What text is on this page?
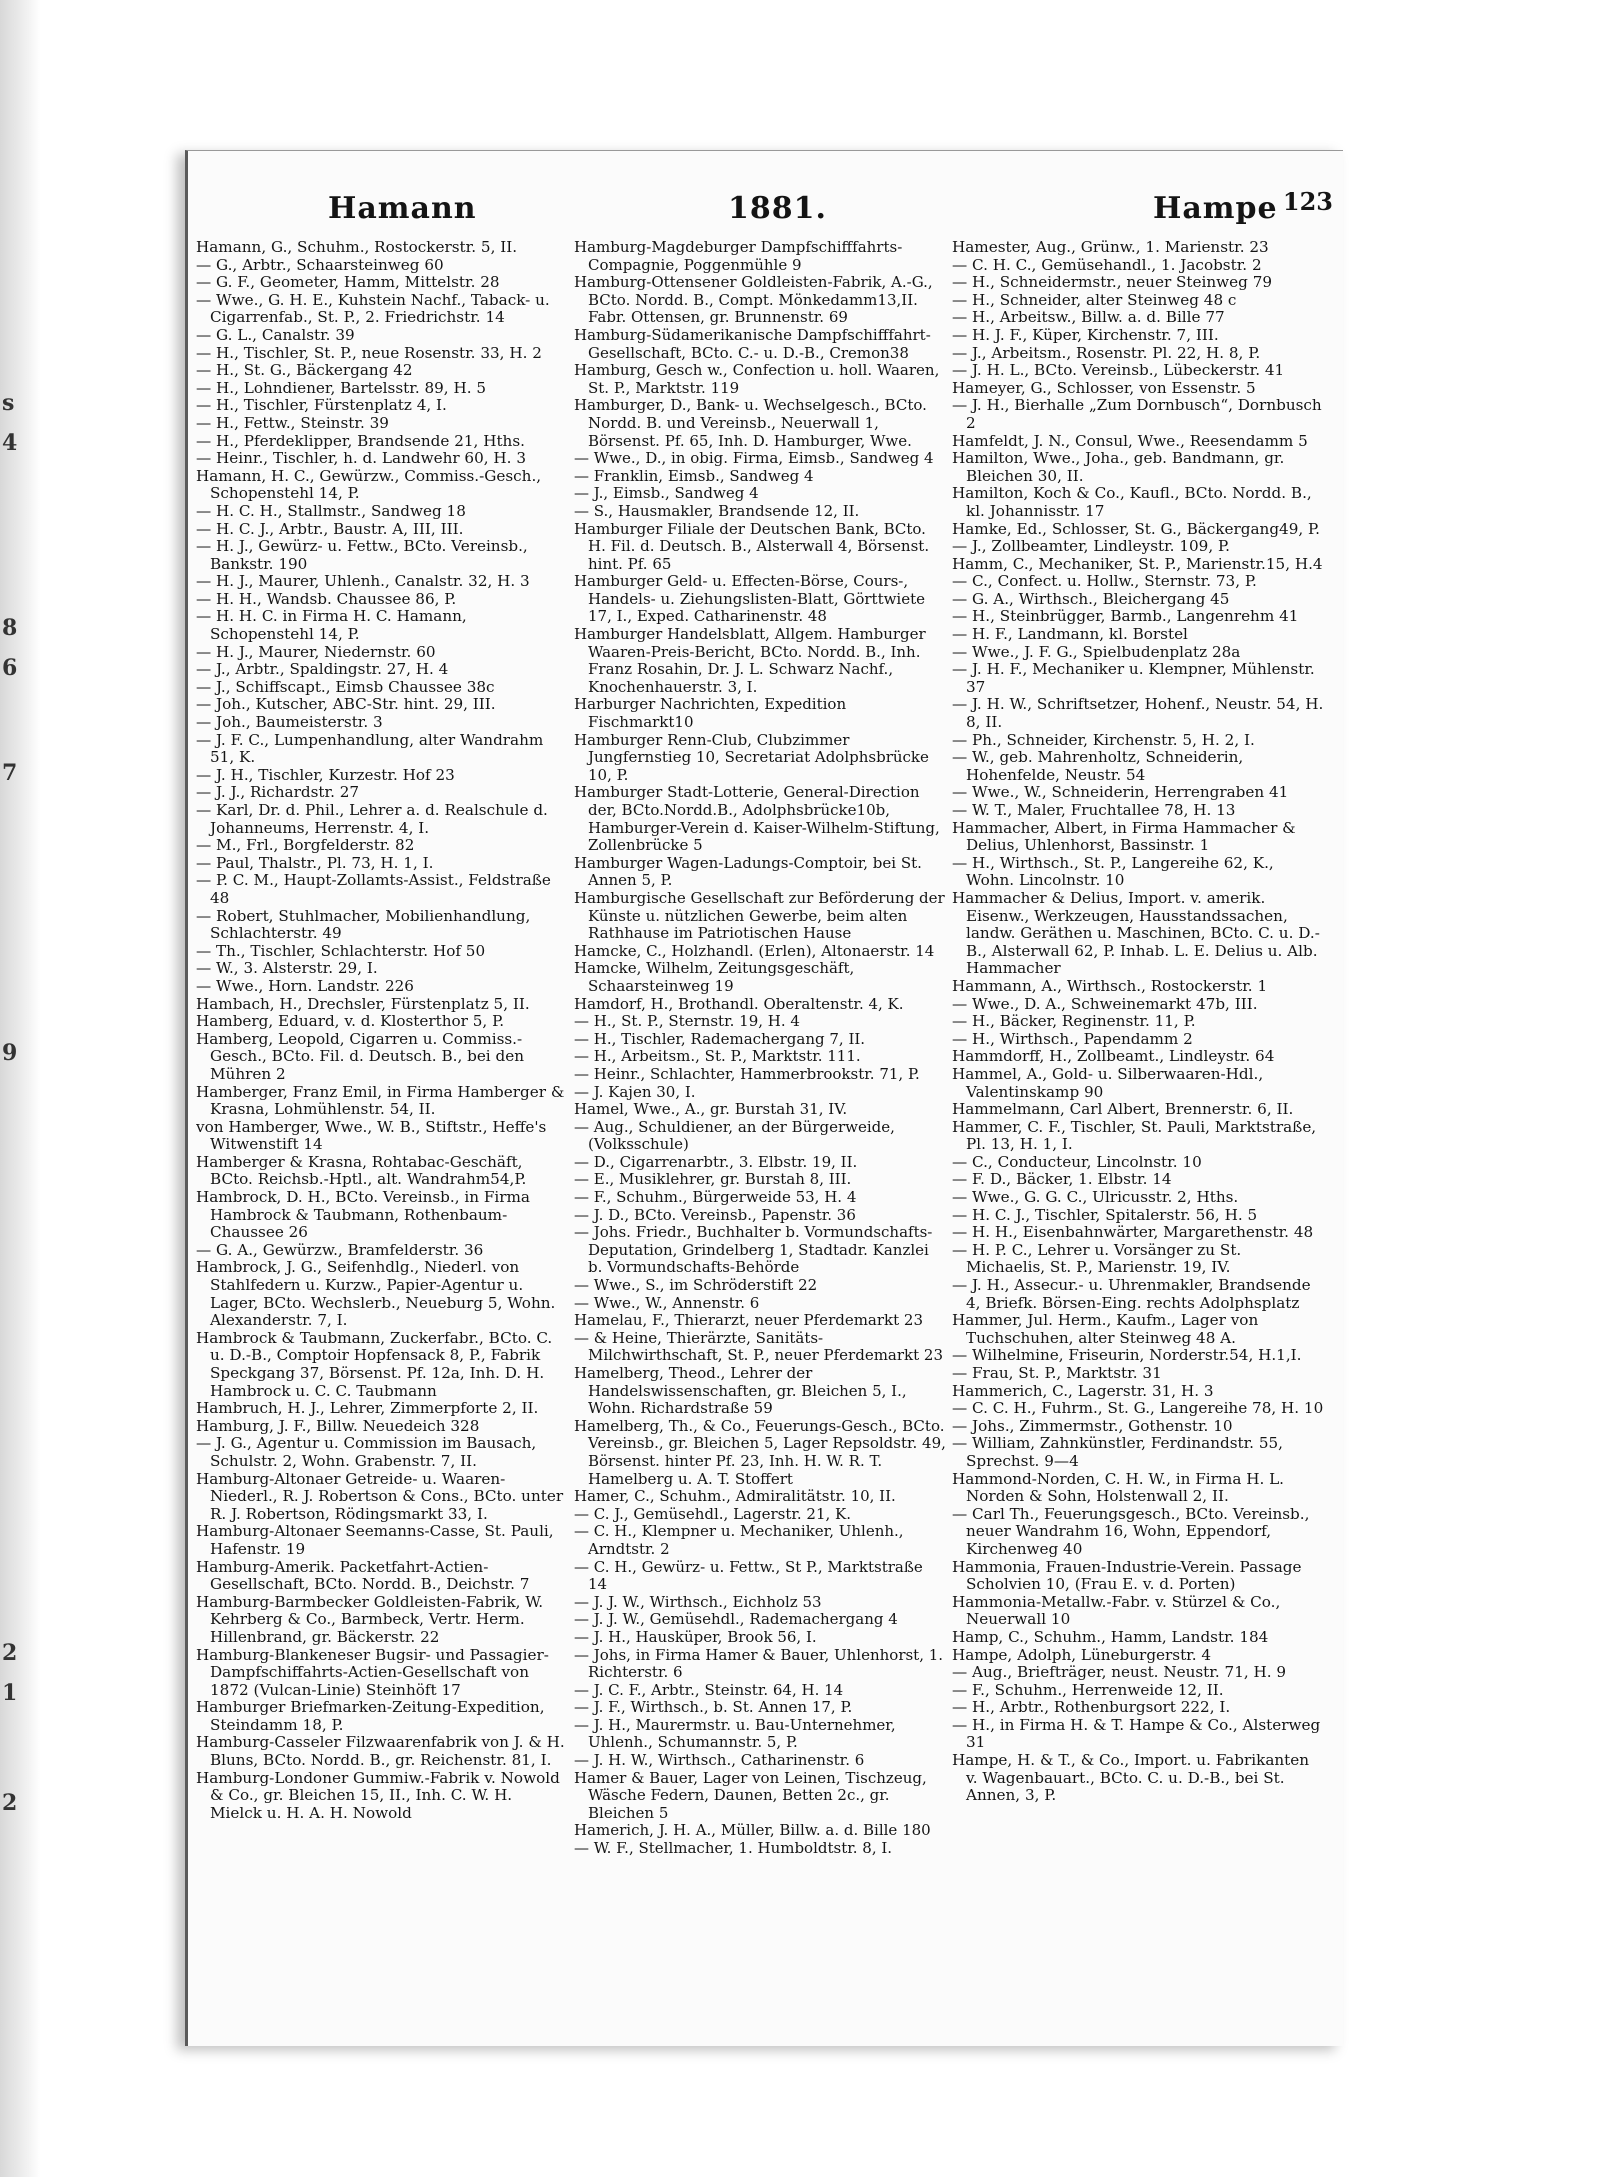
s
4
8
6
7
9
2
1
2
Hamann	1881.	Hampe 123

Hamann, G., Schuhm., Rostockerstr. 5, II.

— G., Arbtr., Schaarsteinweg 60

— G. F., Geometer, Hamm, Mittelstr. 28

— Wwe., G. H. E., Kuhstein Nachf., Taback- u. Cigarrenfab., St. P., 2. Friedrichstr. 14

— G. L., Canalstr. 39

— H., Tischler, St. P., neue Rosenstr. 33, H. 2

— H., St. G., Bäckergang 42

— H., Lohndiener, Bartelsstr. 89, H. 5

— H., Tischler, Fürstenplatz 4, I.

— H., Fettw., Steinstr. 39

— H., Pferdeklipper, Brandsende 21, Hths.

— Heinr., Tischler, h. d. Landwehr 60, H. 3

Hamann, H. C., Gewürzw., Commiss.-Gesch., Schopenstehl 14, P.

— H. C. H., Stallmstr., Sandweg 18

— H. C. J., Arbtr., Baustr. A, III, III.

— H. J., Gewürz- u. Fettw., BCto. Vereinsb., Bankstr. 190

— H. J., Maurer, Uhlenh., Canalstr. 32, H. 3

— H. H., Wandsb. Chaussee 86, P.

— H. H. C. in Firma H. C. Hamann, Schopenstehl 14, P.

— H. J., Maurer, Niedernstr. 60

— J., Arbtr., Spaldingstr. 27, H. 4

— J., Schiffscapt., Eimsb Chaussee 38c

— Joh., Kutscher, ABC-Str. hint. 29, III.

— Joh., Baumeisterstr. 3

— J. F. C., Lumpenhandlung, alter Wandrahm 51, K.

— J. H., Tischler, Kurzestr. Hof 23

— J. J., Richardstr. 27

— Karl, Dr. d. Phil., Lehrer a. d. Realschule d. Johanneums, Herrenstr. 4, I.

— M., Frl., Borgfelderstr. 82

— Paul, Thalstr., Pl. 73, H. 1, I.

— P. C. M., Haupt-Zollamts-Assist., Feldstraße 48

— Robert, Stuhlmacher, Mobilienhandlung, Schlachterstr. 49

— Th., Tischler, Schlachterstr. Hof 50

— W., 3. Alsterstr. 29, I.

— Wwe., Horn. Landstr. 226

Hambach, H., Drechsler, Fürstenplatz 5, II.

Hamberg, Eduard, v. d. Klosterthor 5, P.

Hamberg, Leopold, Cigarren u. Commiss.-Gesch., BCto. Fil. d. Deutsch. B., bei den Mühren 2

Hamberger, Franz Emil, in Firma Hamberger & Krasna, Lohmühlenstr. 54, II.

von Hamberger, Wwe., W. B., Stiftstr., Heffe's Witwenstift 14

Hamberger & Krasna, Rohtabac-Geschäft, BCto. Reichsb.-Hptl., alt. Wandrahm54,P.

Hambrock, D. H., BCto. Vereinsb., in Firma Hambrock & Taubmann, Rothenbaum-Chaussee 26

— G. A., Gewürzw., Bramfelderstr. 36

Hambrock, J. G., Seifenhdlg., Niederl. von Stahlfedern u. Kurzw., Papier-Agentur u. Lager, BCto. Wechslerb., Neueburg 5, Wohn. Alexanderstr. 7, I.

Hambrock & Taubmann, Zuckerfabr., BCto. C. u. D.-B., Comptoir Hopfensack 8, P., Fabrik Speckgang 37, Börsenst. Pf. 12a, Inh. D. H. Hambrock u. C. C. Taubmann

Hambruch, H. J., Lehrer, Zimmerpforte 2, II.

Hamburg, J. F., Billw. Neuedeich 328

— J. G., Agentur u. Commission im Bausach, Schulstr. 2, Wohn. Grabenstr. 7, II.

Hamburg-Altonaer Getreide- u. Waaren-Niederl., R. J. Robertson & Cons., BCto. unter R. J. Robertson, Rödingsmarkt 33, I.

Hamburg-Altonaer Seemanns-Casse, St. Pauli, Hafenstr. 19

Hamburg-Amerik. Packetfahrt-Actien-Gesellschaft, BCto. Nordd. B., Deichstr. 7

Hamburg-Barmbecker Goldleisten-Fabrik, W. Kehrberg & Co., Barmbeck, Vertr. Herm. Hillenbrand, gr. Bäckerstr. 22

Hamburg-Blankeneser Bugsir- und Passagier-Dampfschiffahrts-Actien-Gesellschaft von 1872 (Vulcan-Linie) Steinhöft 17

Hamburger Briefmarken-Zeitung-Expedition, Steindamm 18, P.

Hamburg-Casseler Filzwaarenfabrik von J. & H. Bluns, BCto. Nordd. B., gr. Reichenstr. 81, I.

Hamburg-Londoner Gummiw.-Fabrik v. Nowold & Co., gr. Bleichen 15, II., Inh. C. W. H. Mielck u. H. A. H. Nowold

Hamburg-Magdeburger Dampfschifffahrts-Compagnie, Poggenmühle 9

Hamburg-Ottensener Goldleisten-Fabrik, A.-G., BCto. Nordd. B., Compt. Mönkedamm13,II. Fabr. Ottensen, gr. Brunnenstr. 69

Hamburg-Südamerikanische Dampfschifffahrt-Gesellschaft, BCto. C.- u. D.-B., Cremon38

Hamburg, Gesch w., Confection u. holl. Waaren, St. P., Marktstr. 119

Hamburger, D., Bank- u. Wechselgesch., BCto. Nordd. B. und Vereinsb., Neuerwall 1, Börsenst. Pf. 65, Inh. D. Hamburger, Wwe.

— Wwe., D., in obig. Firma, Eimsb., Sandweg 4

— Franklin, Eimsb., Sandweg 4

— J., Eimsb., Sandweg 4

— S., Hausmakler, Brandsende 12, II.

Hamburger Filiale der Deutschen Bank, BCto. H. Fil. d. Deutsch. B., Alsterwall 4, Börsenst. hint. Pf. 65

Hamburger Geld- u. Effecten-Börse, Cours-, Handels- u. Ziehungslisten-Blatt, Görttwiete 17, I., Exped. Catharinenstr. 48

Hamburger Handelsblatt, Allgem. Hamburger Waaren-Preis-Bericht, BCto. Nordd. B., Inh. Franz Rosahin, Dr. J. L. Schwarz Nachf., Knochenhauerstr. 3, I.

Harburger Nachrichten, Expedition Fischmarkt10

Hamburger Renn-Club, Clubzimmer Jungfernstieg 10, Secretariat Adolphsbrücke 10, P.

Hamburger Stadt-Lotterie, General-Direction der, BCto.Nordd.B., Adolphsbrücke10b, Hamburger-Verein d. Kaiser-Wilhelm-Stiftung, Zollenbrücke 5

Hamburger Wagen-Ladungs-Comptoir, bei St. Annen 5, P.

Hamburgische Gesellschaft zur Beförderung der Künste u. nützlichen Gewerbe, beim alten Rathhause im Patriotischen Hause

Hamcke, C., Holzhandl. (Erlen), Altonaerstr. 14

Hamcke, Wilhelm, Zeitungsgeschäft, Schaarsteinweg 19

Hamdorf, H., Brothandl. Oberaltenstr. 4, K.

— H., St. P., Sternstr. 19, H. 4

— H., Tischler, Rademachergang 7, II.

— H., Arbeitsm., St. P., Marktstr. 111.

— Heinr., Schlachter, Hammerbrookstr. 71, P.

— J. Kajen 30, I.

Hamel, Wwe., A., gr. Burstah 31, IV.

— Aug., Schuldiener, an der Bürgerweide, (Volksschule)

— D., Cigarrenarbtr., 3. Elbstr. 19, II.

— E., Musiklehrer, gr. Burstah 8, III.

— F., Schuhm., Bürgerweide 53, H. 4

— J. D., BCto. Vereinsb., Papenstr. 36

— Johs. Friedr., Buchhalter b. Vormundschafts-Deputation, Grindelberg 1, Stadtadr. Kanzlei b. Vormundschafts-Behörde

— Wwe., S., im Schröderstift 22

— Wwe., W., Annenstr. 6

Hamelau, F., Thierarzt, neuer Pferdemarkt 23

— & Heine, Thierärzte, Sanitäts-Milchwirthschaft, St. P., neuer Pferdemarkt 23

Hamelberg, Theod., Lehrer der Handelswissenschaften, gr. Bleichen 5, I., Wohn. Richardstraße 59

Hamelberg, Th., & Co., Feuerungs-Gesch., BCto. Vereinsb., gr. Bleichen 5, Lager Repsoldstr. 49, Börsenst. hinter Pf. 23, Inh. H. W. R. T. Hamelberg u. A. T. Stoffert

Hamer, C., Schuhm., Admiralitätstr. 10, II.

— C. J., Gemüsehdl., Lagerstr. 21, K.

— C. H., Klempner u. Mechaniker, Uhlenh., Arndtstr. 2

— C. H., Gewürz- u. Fettw., St P., Marktstraße 14

— J. J. W., Wirthsch., Eichholz 53

— J. J. W., Gemüsehdl., Rademachergang 4

— J. H., Hausküper, Brook 56, I.

— Johs, in Firma Hamer & Bauer, Uhlenhorst, 1. Richterstr. 6

— J. C. F., Arbtr., Steinstr. 64, H. 14

— J. F., Wirthsch., b. St. Annen 17, P.

— J. H., Maurermstr. u. Bau-Unternehmer, Uhlenh., Schumannstr. 5, P.

— J. H. W., Wirthsch., Catharinenstr. 6

Hamer & Bauer, Lager von Leinen, Tischzeug, Wäsche Federn, Daunen, Betten 2c., gr. Bleichen 5

Hamerich, J. H. A., Müller, Billw. a. d. Bille 180

— W. F., Stellmacher, 1. Humboldtstr. 8, I.

Hamester, Aug., Grünw., 1. Marienstr. 23

— C. H. C., Gemüsehandl., 1. Jacobstr. 2

— H., Schneidermstr., neuer Steinweg 79

— H., Schneider, alter Steinweg 48 c

— H., Arbeitsw., Billw. a. d. Bille 77

— H. J. F., Küper, Kirchenstr. 7, III.

— J., Arbeitsm., Rosenstr. Pl. 22, H. 8, P.

— J. H. L., BCto. Vereinsb., Lübeckerstr. 41

Hameyer, G., Schlosser, von Essenstr. 5

— J. H., Bierhalle „Zum Dornbusch“, Dornbusch 2

Hamfeldt, J. N., Consul, Wwe., Reesendamm 5

Hamilton, Wwe., Joha., geb. Bandmann, gr. Bleichen 30, II.

Hamilton, Koch & Co., Kaufl., BCto. Nordd. B., kl. Johannisstr. 17

Hamke, Ed., Schlosser, St. G., Bäckergang49, P.

— J., Zollbeamter, Lindleystr. 109, P.

Hamm, C., Mechaniker, St. P., Marienstr.15, H.4

— C., Confect. u. Hollw., Sternstr. 73, P.

— G. A., Wirthsch., Bleichergang 45

— H., Steinbrügger, Barmb., Langenrehm 41

— H. F., Landmann, kl. Borstel

— Wwe., J. F. G., Spielbudenplatz 28a

— J. H. F., Mechaniker u. Klempner, Mühlenstr. 37

— J. H. W., Schriftsetzer, Hohenf., Neustr. 54, H. 8, II.

— Ph., Schneider, Kirchenstr. 5, H. 2, I.

— W., geb. Mahrenholtz, Schneiderin, Hohenfelde, Neustr. 54

— Wwe., W., Schneiderin, Herrengraben 41

— W. T., Maler, Fruchtallee 78, H. 13

Hammacher, Albert, in Firma Hammacher & Delius, Uhlenhorst, Bassinstr. 1

— H., Wirthsch., St. P., Langereihe 62, K., Wohn. Lincolnstr. 10

Hammacher & Delius, Import. v. amerik. Eisenw., Werkzeugen, Hausstandssachen, landw. Geräthen u. Maschinen, BCto. C. u. D.-B., Alsterwall 62, P. Inhab. L. E. Delius u. Alb. Hammacher

Hammann, A., Wirthsch., Rostockerstr. 1

— Wwe., D. A., Schweinemarkt 47b, III.

— H., Bäcker, Reginenstr. 11, P.

— H., Wirthsch., Papendamm 2

Hammdorff, H., Zollbeamt., Lindleystr. 64

Hammel, A., Gold- u. Silberwaaren-Hdl., Valentinskamp 90

Hammelmann, Carl Albert, Brennerstr. 6, II.

Hammer, C. F., Tischler, St. Pauli, Marktstraße, Pl. 13, H. 1, I.

— C., Conducteur, Lincolnstr. 10

— F. D., Bäcker, 1. Elbstr. 14

— Wwe., G. G. C., Ulricusstr. 2, Hths.

— H. C. J., Tischler, Spitalerstr. 56, H. 5

— H. H., Eisenbahnwärter, Margarethenstr. 48

— H. P. C., Lehrer u. Vorsänger zu St. Michaelis, St. P., Marienstr. 19, IV.

— J. H., Assecur.- u. Uhrenmakler, Brandsende 4, Briefk. Börsen-Eing. rechts Adolphsplatz

Hammer, Jul. Herm., Kaufm., Lager von Tuchschuhen, alter Steinweg 48 A.

— Wilhelmine, Friseurin, Norderstr.54, H.1,I.

— Frau, St. P., Marktstr. 31

Hammerich, C., Lagerstr. 31, H. 3

— C. C. H., Fuhrm., St. G., Langereihe 78, H. 10

— Johs., Zimmermstr., Gothenstr. 10

— William, Zahnkünstler, Ferdinandstr. 55, Sprechst. 9—4

Hammond-Norden, C. H. W., in Firma H. L. Norden & Sohn, Holstenwall 2, II.

— Carl Th., Feuerungsgesch., BCto. Vereinsb., neuer Wandrahm 16, Wohn, Eppendorf, Kirchenweg 40

Hammonia, Frauen-Industrie-Verein. Passage Scholvien 10, (Frau E. v. d. Porten)

Hammonia-Metallw.-Fabr. v. Stürzel & Co., Neuerwall 10

Hamp, C., Schuhm., Hamm, Landstr. 184

Hampe, Adolph, Lüneburgerstr. 4

— Aug., Briefträger, neust. Neustr. 71, H. 9

— F., Schuhm., Herrenweide 12, II.

— H., Arbtr., Rothenburgsort 222, I.

— H., in Firma H. & T. Hampe & Co., Alsterweg 31

Hampe, H. & T., & Co., Import. u. Fabrikanten v. Wagenbauart., BCto. C. u. D.-B., bei St. Annen, 3, P.
